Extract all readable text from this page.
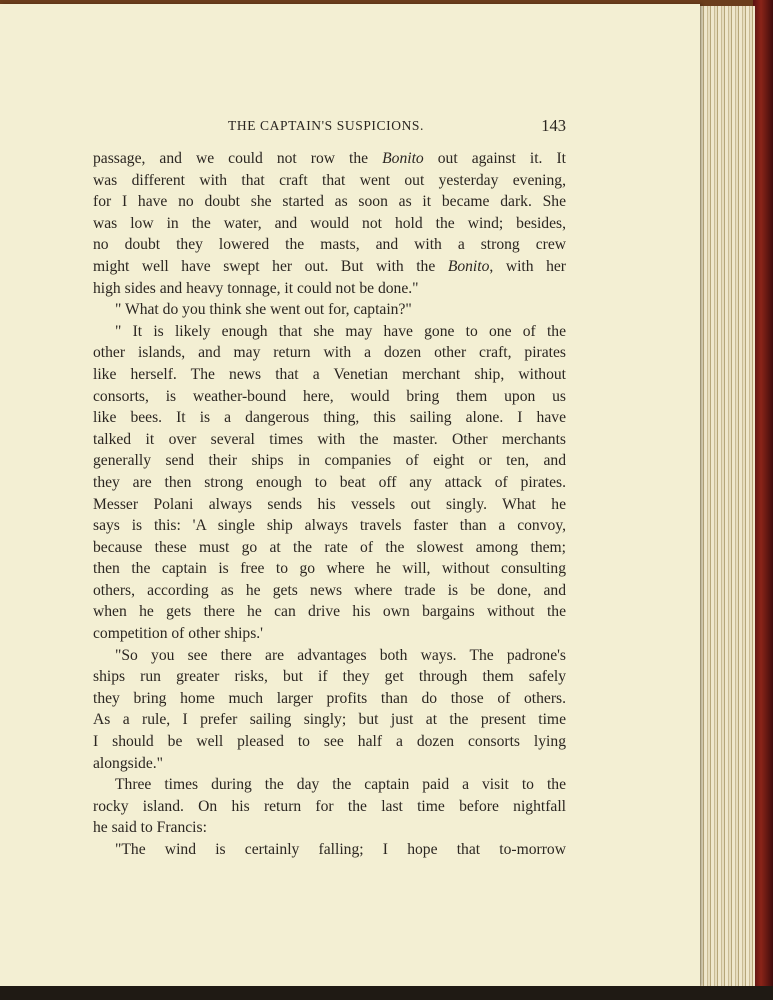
THE CAPTAIN'S SUSPICIONS.	143
passage, and we could not row the Bonito out against it. It
was different with that craft that went out yesterday evening,
for I have no doubt she started as soon as it became dark. She
was low in the water, and would not hold the wind; besides,
no doubt they lowered the masts, and with a strong crew
might well have swept her out. But with the Bonito, with her
high sides and heavy tonnage, it could not be done."
" What do you think she went out for, captain?"
" It is likely enough that she may have gone to one of the
other islands, and may return with a dozen other craft, pirates
like herself. The news that a Venetian merchant ship, without
consorts, is weather-bound here, would bring them upon us
like bees. It is a dangerous thing, this sailing alone. I have
talked it over several times with the master. Other merchants
generally send their ships in companies of eight or ten, and
they are then strong enough to beat off any attack of pirates.
Messer Polani always sends his vessels out singly. What he
says is this: 'A single ship always travels faster than a convoy,
because these must go at the rate of the slowest among them;
then the captain is free to go where he will, without consulting
others, according as he gets news where trade is be done, and
when he gets there he can drive his own bargains without the
competition of other ships.'
"So you see there are advantages both ways. The padrone's
ships run greater risks, but if they get through them safely
they bring home much larger profits than do those of others.
As a rule, I prefer sailing singly; but just at the present time
I should be well pleased to see half a dozen consorts lying
alongside."
Three times during the day the captain paid a visit to the
rocky island. On his return for the last time before nightfall
he said to Francis:
"The wind is certainly falling; I hope that to-morrow
